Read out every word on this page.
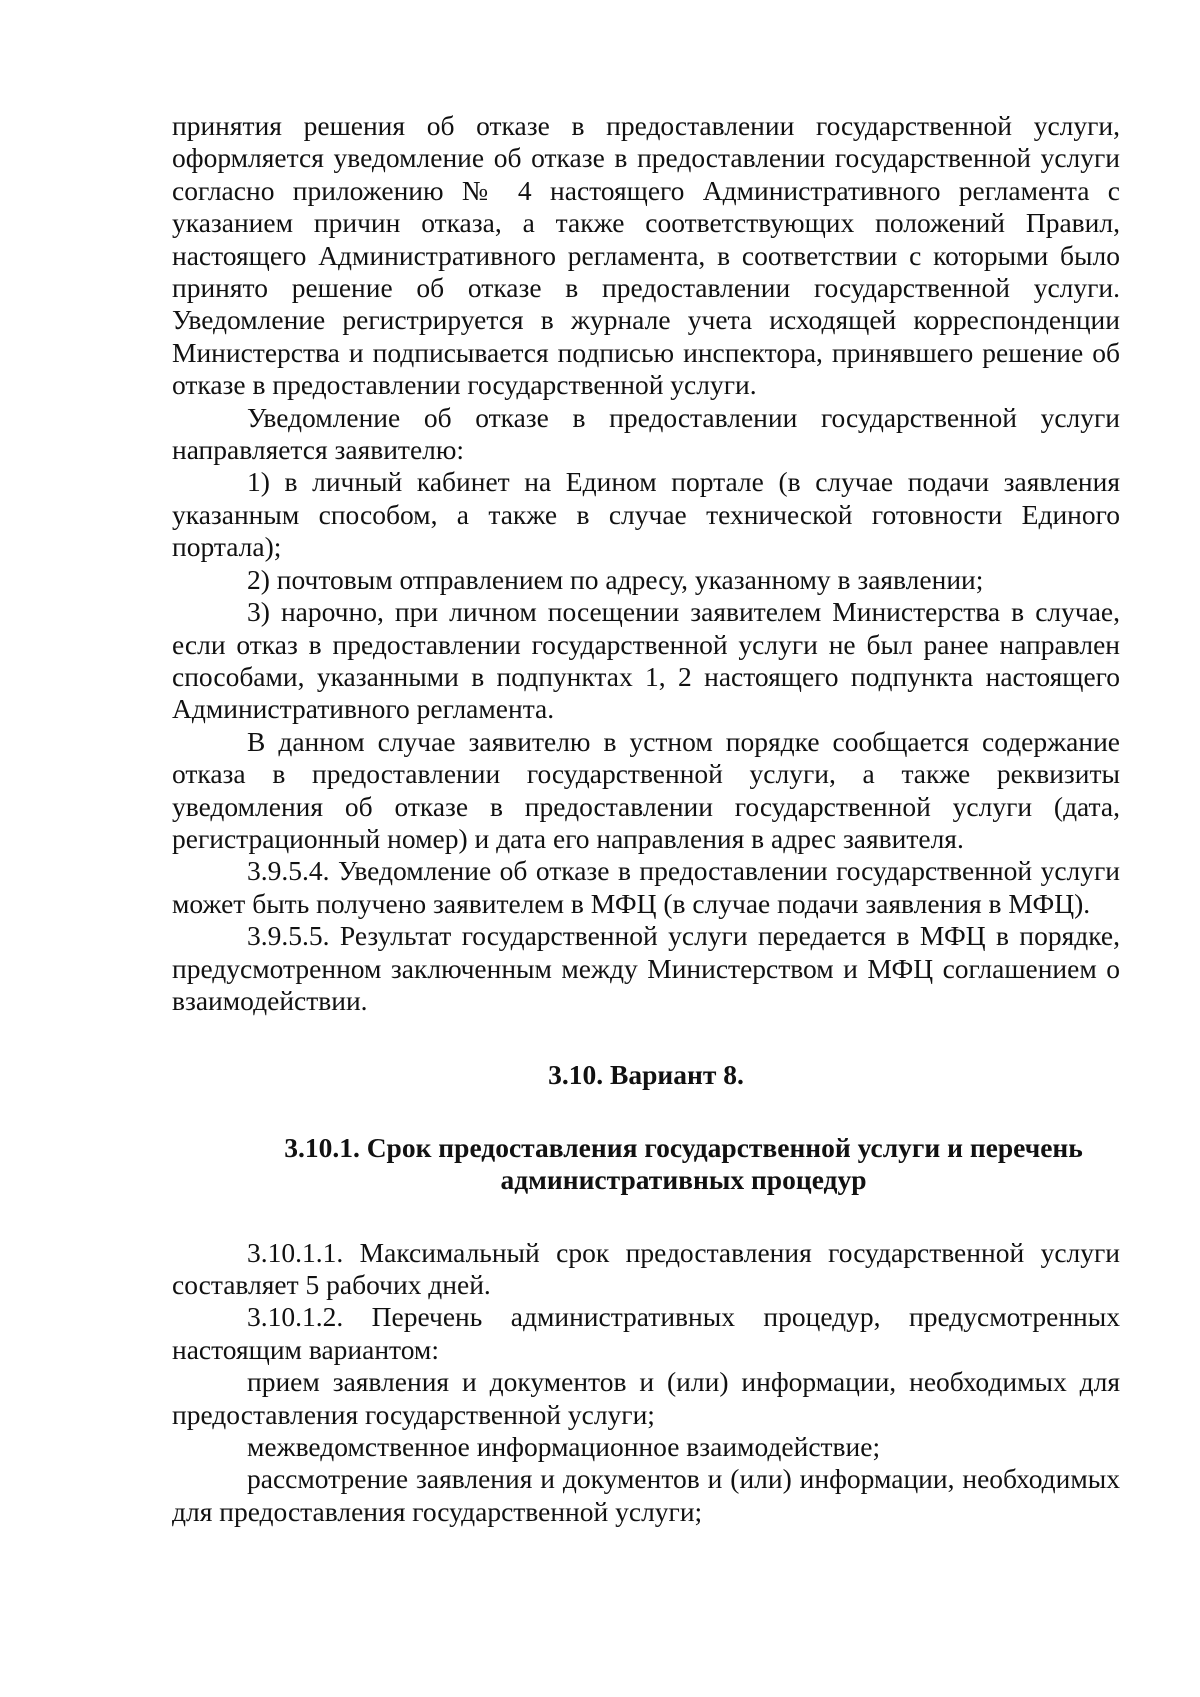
принятия решения об отказе в предоставлении государственной услуги, оформляется уведомление об отказе в предоставлении государственной услуги согласно приложению № 4 настоящего Административного регламента с указанием причин отказа, а также соответствующих положений Правил, настоящего Административного регламента, в соответствии с которыми было принято решение об отказе в предоставлении государственной услуги. Уведомление регистрируется в журнале учета исходящей корреспонденции Министерства и подписывается подписью инспектора, принявшего решение об отказе в предоставлении государственной услуги.

Уведомление об отказе в предоставлении государственной услуги направляется заявителю:

1) в личный кабинет на Едином портале (в случае подачи заявления указанным способом, а также в случае технической готовности Единого портала);

2) почтовым отправлением по адресу, указанному в заявлении;

3) нарочно, при личном посещении заявителем Министерства в случае, если отказ в предоставлении государственной услуги не был ранее направлен способами, указанными в подпунктах 1, 2 настоящего подпункта настоящего Административного регламента.

В данном случае заявителю в устном порядке сообщается содержание отказа в предоставлении государственной услуги, а также реквизиты уведомления об отказе в предоставлении государственной услуги (дата, регистрационный номер) и дата его направления в адрес заявителя.

3.9.5.4. Уведомление об отказе в предоставлении государственной услуги может быть получено заявителем в МФЦ (в случае подачи заявления в МФЦ).

3.9.5.5. Результат государственной услуги передается в МФЦ в порядке, предусмотренном заключенным между Министерством и МФЦ соглашением о взаимодействии.

3.10. Вариант 8.

3.10.1. Срок предоставления государственной услуги и перечень
административных процедур

3.10.1.1. Максимальный срок предоставления государственной услуги составляет 5 рабочих дней.

3.10.1.2. Перечень административных процедур, предусмотренных настоящим вариантом:

прием заявления и документов и (или) информации, необходимых для предоставления государственной услуги;

межведомственное информационное взаимодействие;

рассмотрение заявления и документов и (или) информации, необходимых для предоставления государственной услуги;
